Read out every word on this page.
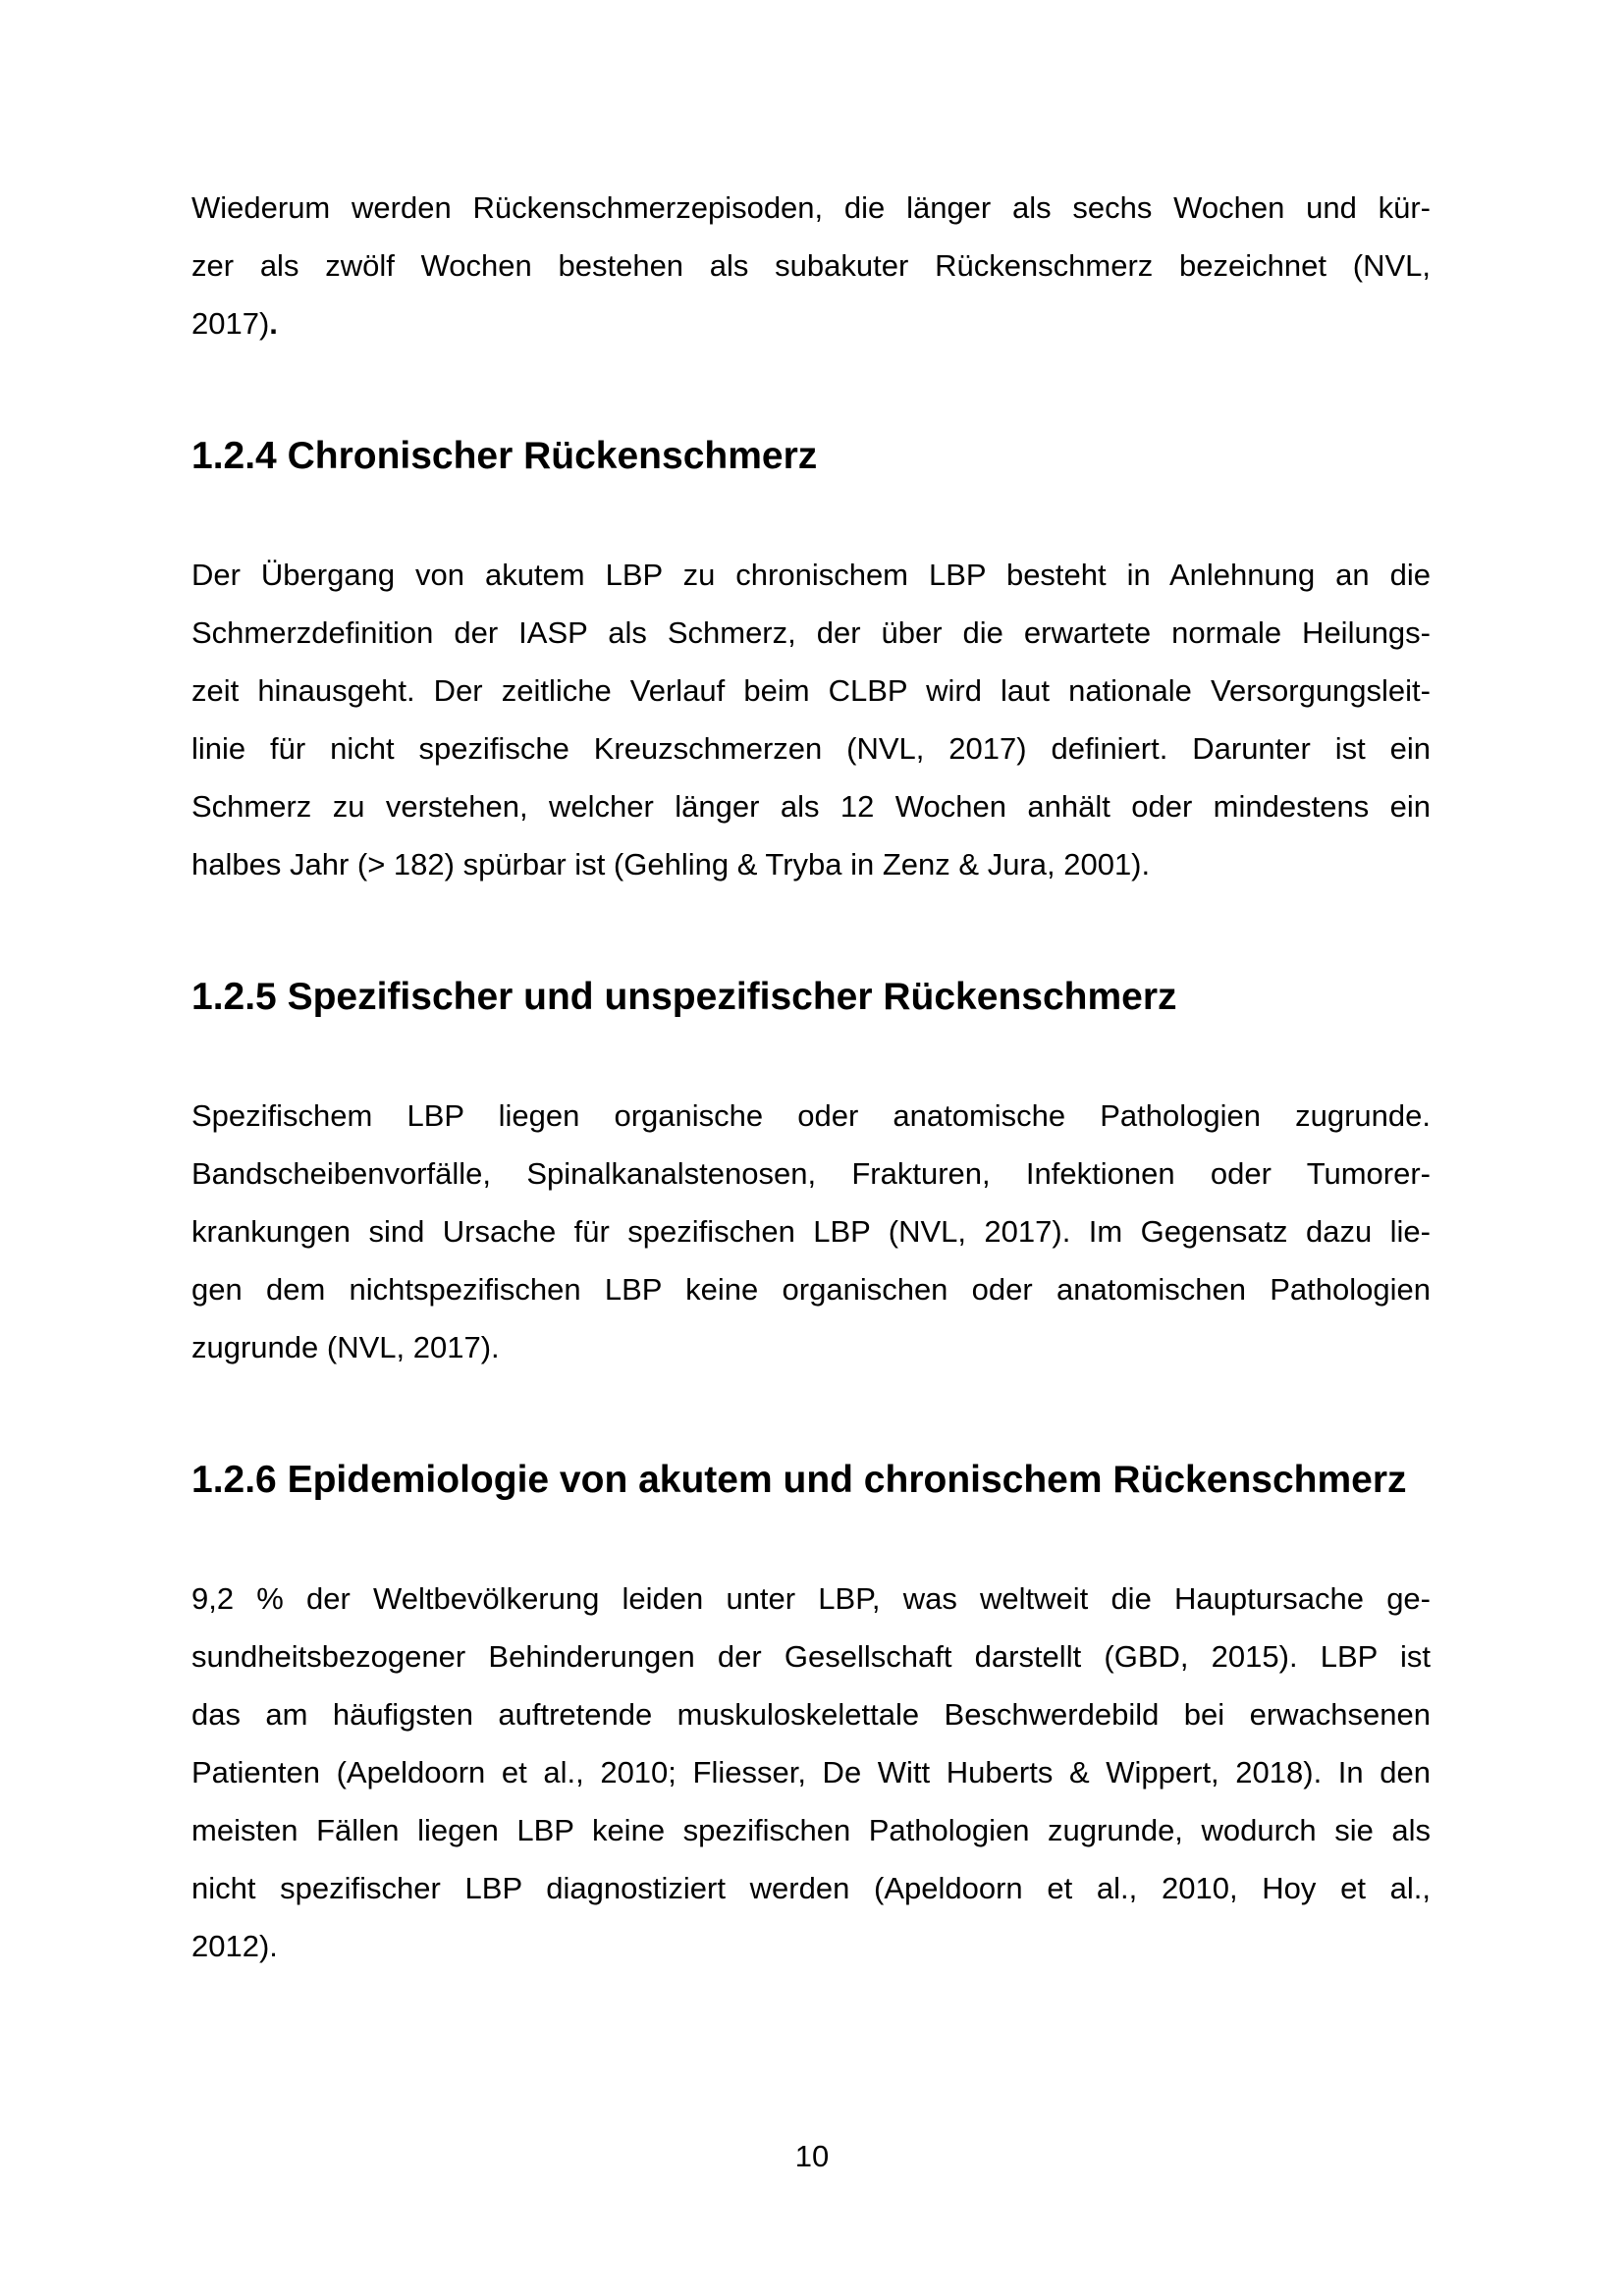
Wiederum werden Rückenschmerzepisoden, die länger als sechs Wochen und kür-
zer als zwölf Wochen bestehen als subakuter Rückenschmerz bezeichnet (NVL,
2017).
1.2.4 Chronischer Rückenschmerz
Der Übergang von akutem LBP zu chronischem LBP besteht in Anlehnung an die
Schmerzdefinition der IASP als Schmerz, der über die erwartete normale Heilungs-
zeit hinausgeht. Der zeitliche Verlauf beim CLBP wird laut nationale Versorgungsleit-
linie für nicht spezifische Kreuzschmerzen (NVL, 2017) definiert. Darunter ist ein
Schmerz zu verstehen, welcher länger als 12 Wochen anhält oder mindestens ein
halbes Jahr (> 182) spürbar ist (Gehling & Tryba in Zenz & Jura, 2001).
1.2.5 Spezifischer und unspezifischer Rückenschmerz
Spezifischem LBP liegen organische oder anatomische Pathologien zugrunde.
Bandscheibenvorfälle, Spinalkanalstenosen, Frakturen, Infektionen oder Tumorer-
krankungen sind Ursache für spezifischen LBP (NVL, 2017). Im Gegensatz dazu lie-
gen dem nichtspezifischen LBP keine organischen oder anatomischen Pathologien
zugrunde (NVL, 2017).
1.2.6 Epidemiologie von akutem und chronischem Rückenschmerz
9,2 % der Weltbevölkerung leiden unter LBP, was weltweit die Hauptursache ge-
sundheitsbezogener Behinderungen der Gesellschaft darstellt (GBD, 2015). LBP ist
das am häufigsten auftretende muskuloskelettale Beschwerdebild bei erwachsenen
Patienten (Apeldoorn et al., 2010; Fliesser, De Witt Huberts & Wippert, 2018). In den
meisten Fällen liegen LBP keine spezifischen Pathologien zugrunde, wodurch sie als
nicht spezifischer LBP diagnostiziert werden (Apeldoorn et al., 2010, Hoy et al.,
2012).
10
